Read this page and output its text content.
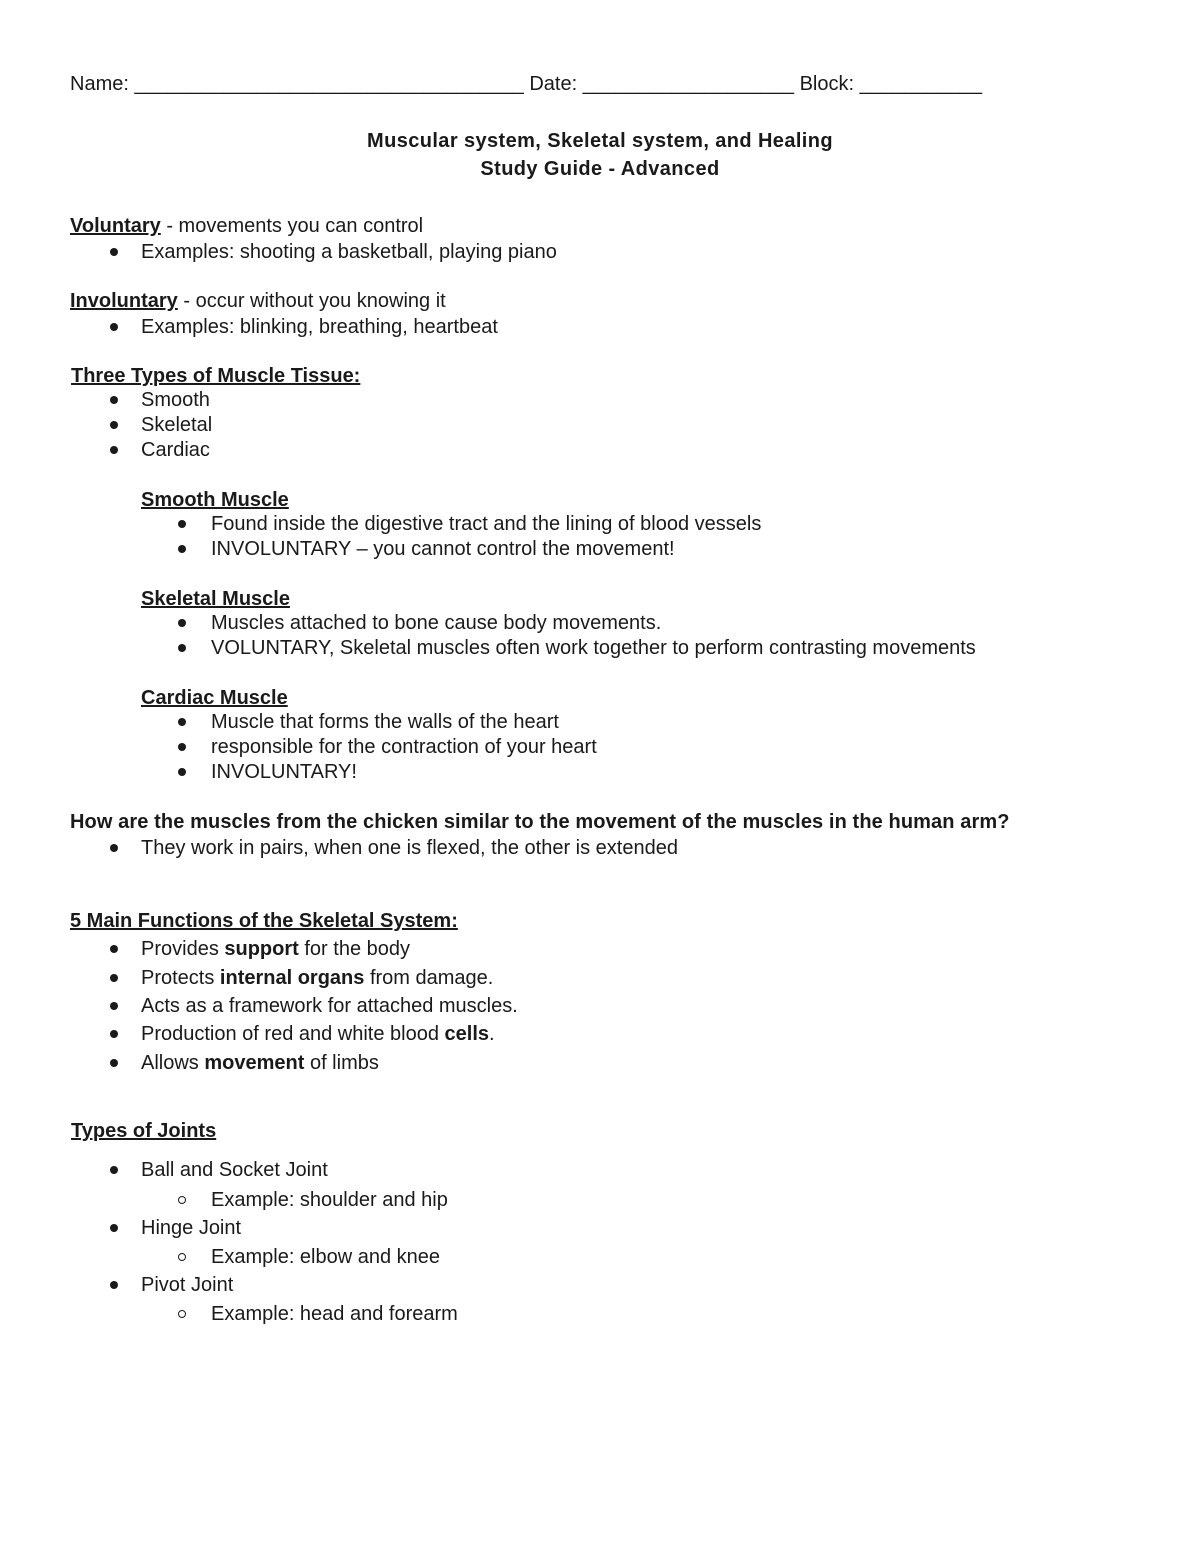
Name: ___________________________________ Date: ___________________ Block: ___________
Muscular system, Skeletal system, and Healing
Study Guide - Advanced
Voluntary - movements you can control
Examples: shooting a basketball, playing piano
Involuntary - occur without you knowing it
Examples: blinking, breathing, heartbeat
Three Types of Muscle Tissue:
Smooth
Skeletal
Cardiac
Smooth Muscle
Found inside the digestive tract and the lining of blood vessels
INVOLUNTARY – you cannot control the movement!
Skeletal Muscle
Muscles attached to bone cause body movements.
VOLUNTARY, Skeletal muscles often work together to perform contrasting movements
Cardiac Muscle
Muscle that forms the walls of the heart
responsible for the contraction of your heart
INVOLUNTARY!
How are the muscles from the chicken similar to the movement of the muscles in the human arm?
They work in pairs, when one is flexed, the other is extended
5 Main Functions of the Skeletal System:
Provides support for the body
Protects internal organs from damage.
Acts as a framework for attached muscles.
Production of red and white blood cells.
Allows movement of limbs
Types of Joints
Ball and Socket Joint
Example: shoulder and hip
Hinge Joint
Example: elbow and knee
Pivot Joint
Example: head and forearm
